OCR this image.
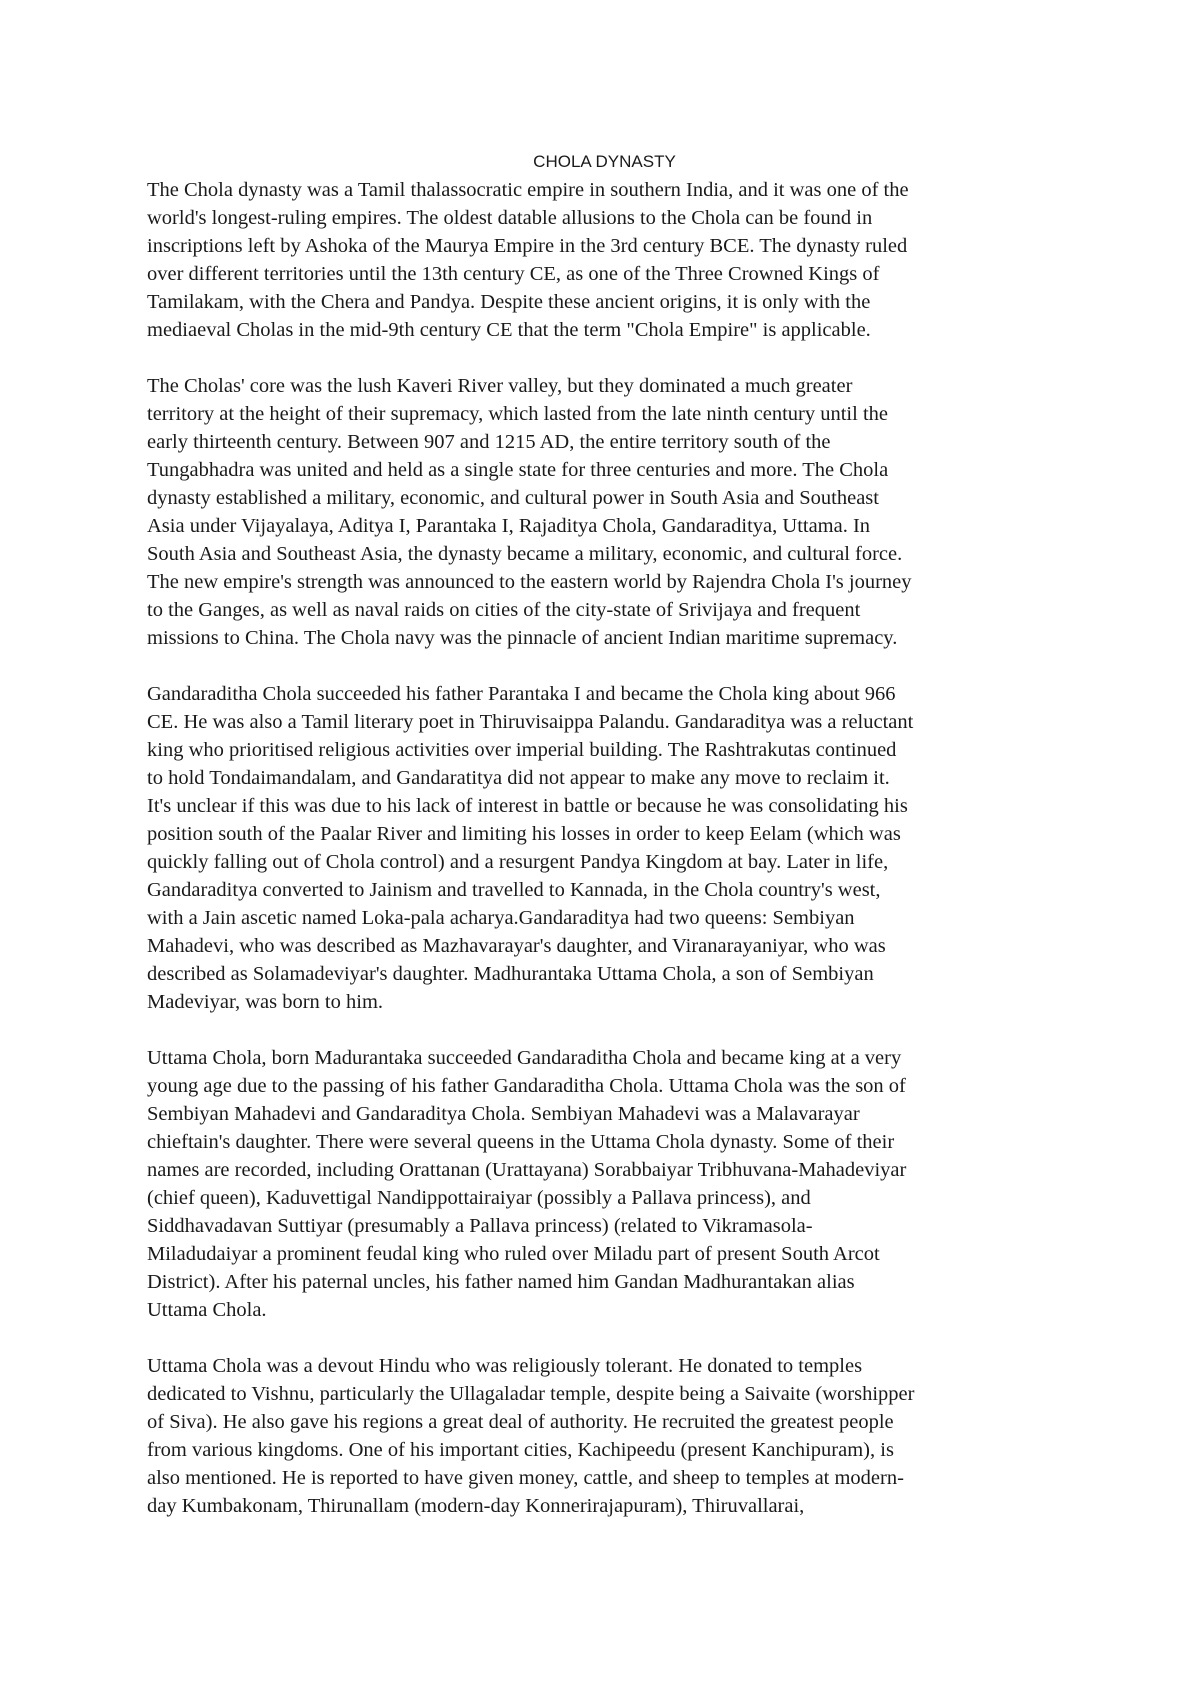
CHOLA DYNASTY

The Chola dynasty was a Tamil thalassocratic empire in southern India, and it was one of the
world's longest-ruling empires. The oldest datable allusions to the Chola can be found in
inscriptions left by Ashoka of the Maurya Empire in the 3rd century BCE. The dynasty ruled
over different territories until the 13th century CE, as one of the Three Crowned Kings of
Tamilakam, with the Chera and Pandya. Despite these ancient origins, it is only with the
mediaeval Cholas in the mid-9th century CE that the term "Chola Empire" is applicable.

The Cholas' core was the lush Kaveri River valley, but they dominated a much greater
territory at the height of their supremacy, which lasted from the late ninth century until the
early thirteenth century. Between 907 and 1215 AD, the entire territory south of the
Tungabhadra was united and held as a single state for three centuries and more. The Chola
dynasty established a military, economic, and cultural power in South Asia and Southeast
Asia under Vijayalaya, Aditya I, Parantaka I, Rajaditya Chola, Gandaraditya, Uttama. In
South Asia and Southeast Asia, the dynasty became a military, economic, and cultural force.
The new empire's strength was announced to the eastern world by Rajendra Chola I's journey
to the Ganges, as well as naval raids on cities of the city-state of Srivijaya and frequent
missions to China. The Chola navy was the pinnacle of ancient Indian maritime supremacy.

Gandaraditha Chola succeeded his father Parantaka I and became the Chola king about 966
CE. He was also a Tamil literary poet in Thiruvisaippa Palandu. Gandaraditya was a reluctant
king who prioritised religious activities over imperial building. The Rashtrakutas continued
to hold Tondaimandalam, and Gandaratitya did not appear to make any move to reclaim it.
It's unclear if this was due to his lack of interest in battle or because he was consolidating his
position south of the Paalar River and limiting his losses in order to keep Eelam (which was
quickly falling out of Chola control) and a resurgent Pandya Kingdom at bay. Later in life,
Gandaraditya converted to Jainism and travelled to Kannada, in the Chola country's west,
with a Jain ascetic named Loka-pala acharya.Gandaraditya had two queens: Sembiyan
Mahadevi, who was described as Mazhavarayar's daughter, and Viranarayaniyar, who was
described as Solamadeviyar's daughter. Madhurantaka Uttama Chola, a son of Sembiyan
Madeviyar, was born to him.

Uttama Chola, born Madurantaka succeeded Gandaraditha Chola and became king at a very
young age due to the passing of his father Gandaraditha Chola. Uttama Chola was the son of
Sembiyan Mahadevi and Gandaraditya Chola. Sembiyan Mahadevi was a Malavarayar
chieftain's daughter. There were several queens in the Uttama Chola dynasty. Some of their
names are recorded, including Orattanan (Urattayana) Sorabbaiyar Tribhuvana-Mahadeviyar
(chief queen), Kaduvettigal Nandippottairaiyar (possibly a Pallava princess), and
Siddhavadavan Suttiyar (presumably a Pallava princess) (related to Vikramasola-
Miladudaiyar a prominent feudal king who ruled over Miladu part of present South Arcot
District). After his paternal uncles, his father named him Gandan Madhurantakan alias
Uttama Chola.

Uttama Chola was a devout Hindu who was religiously tolerant. He donated to temples
dedicated to Vishnu, particularly the Ullagaladar temple, despite being a Saivaite (worshipper
of Siva). He also gave his regions a great deal of authority. He recruited the greatest people
from various kingdoms. One of his important cities, Kachipeedu (present Kanchipuram), is
also mentioned. He is reported to have given money, cattle, and sheep to temples at modern-
day Kumbakonam, Thirunallam (modern-day Konnerirajapuram), Thiruvallarai,
